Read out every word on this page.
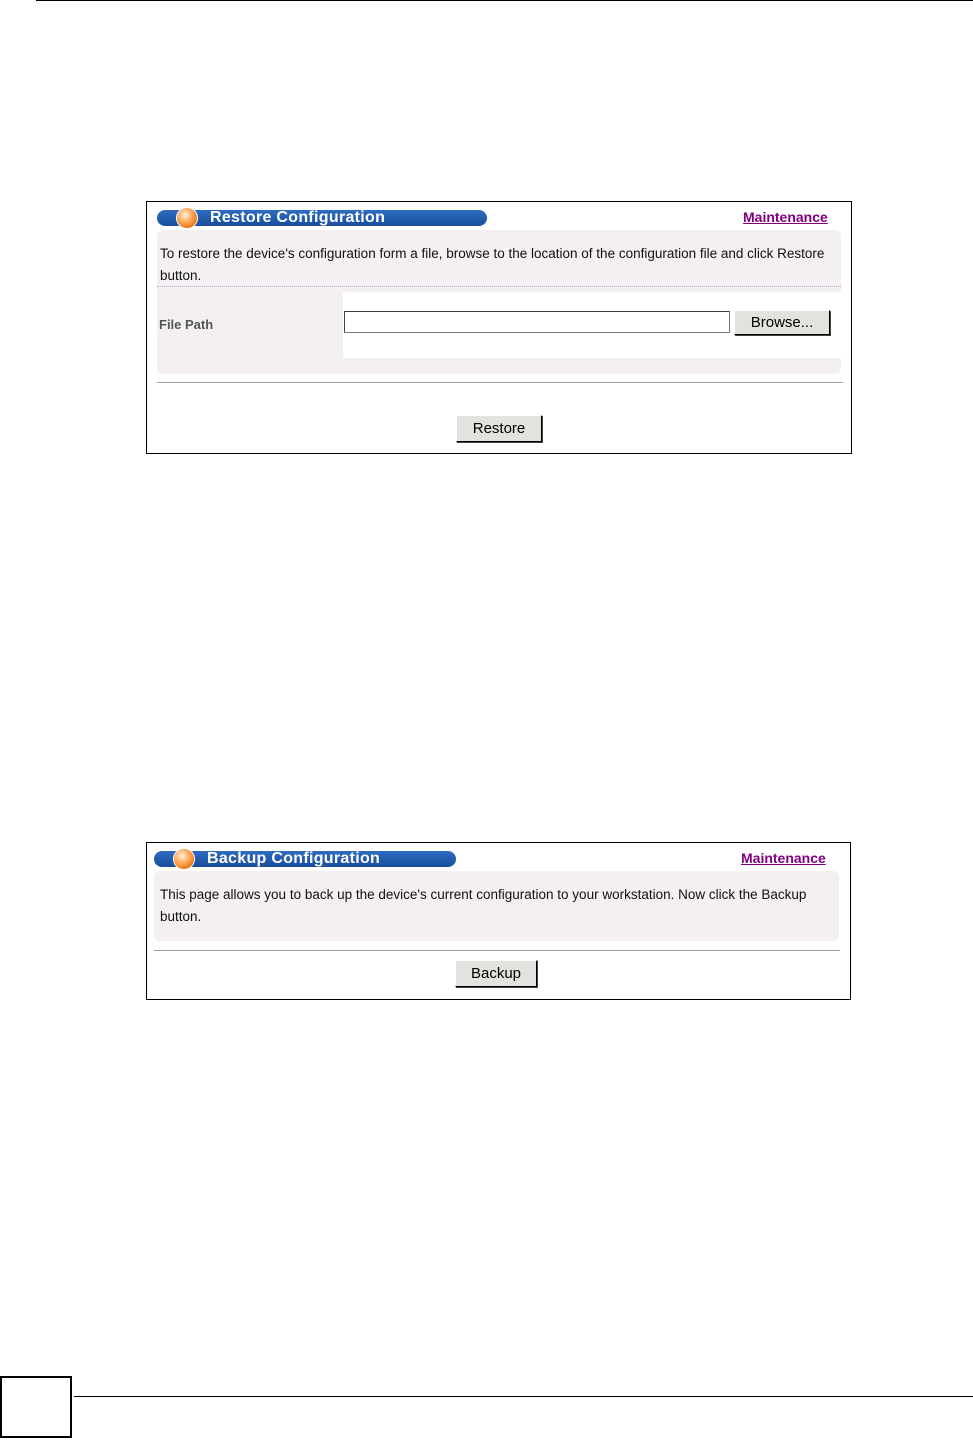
Restore Configuration	Maintenance
To restore the device's configuration form a file, browse to the location of the configuration file and click Restore button.
File Path	Browse...
Restore
Backup Configuration	Maintenance
This page allows you to back up the device's current configuration to your workstation. Now click the Backup button.
Backup
